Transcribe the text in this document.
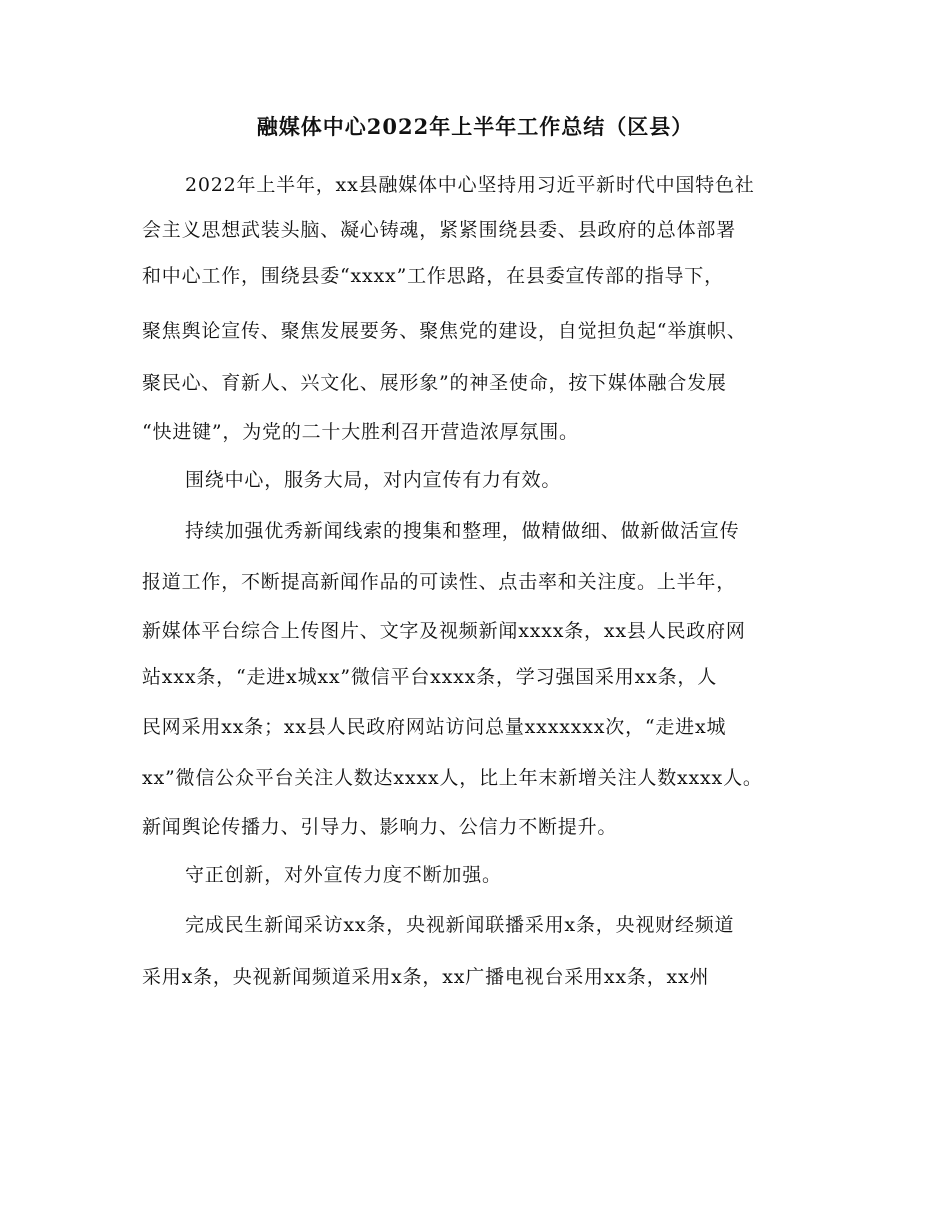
融媒体中心2022年上半年工作总结（区县）
2022年上半年，xx县融媒体中心坚持用习近平新时代中国特色社
会主义思想武装头脑、凝心铸魂，紧紧围绕县委、县政府的总体部署
和中心工作，围绕县委“xxxx”工作思路，在县委宣传部的指导下，
聚焦舆论宣传、聚焦发展要务、聚焦党的建设，自觉担负起“举旗帜、
聚民心、育新人、兴文化、展形象”的神圣使命，按下媒体融合发展
“快进键”，为党的二十大胜利召开营造浓厚氛围。
围绕中心，服务大局，对内宣传有力有效。
持续加强优秀新闻线索的搜集和整理，做精做细、做新做活宣传
报道工作，不断提高新闻作品的可读性、点击率和关注度。上半年，
新媒体平台综合上传图片、文字及视频新闻xxxx条，xx县人民政府网
站xxx条，“走进x城xx”微信平台xxxx条，学习强国采用xx条，人
民网采用xx条；xx县人民政府网站访问总量xxxxxxx次，“走进x城
xx”微信公众平台关注人数达xxxx人，比上年末新增关注人数xxxx人。
新闻舆论传播力、引导力、影响力、公信力不断提升。
守正创新，对外宣传力度不断加强。
完成民生新闻采访xx条，央视新闻联播采用x条，央视财经频道
采用x条，央视新闻频道采用x条，xx广播电视台采用xx条，xx州
